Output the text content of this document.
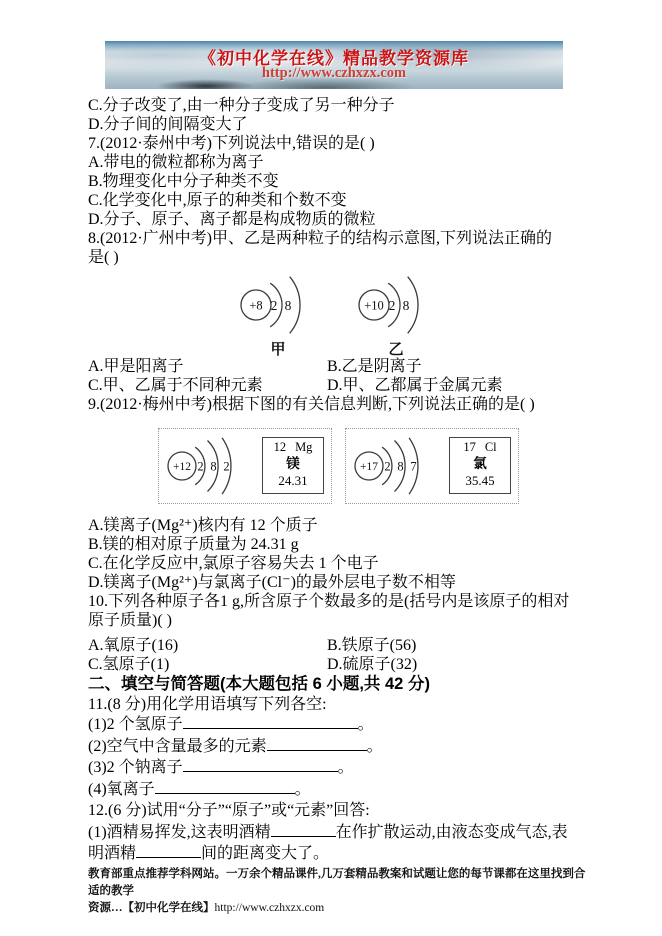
《初中化学在线》精品教学资源库
http://www.czhxzx.com
C.分子改变了,由一种分子变成了另一种分子
D.分子间的间隔变大了
7.(2012·泰州中考)下列说法中,错误的是( )
A.带电的微粒都称为离子
B.物理变化中分子种类不变
C.化学变化中,原子的种类和个数不变
D.分子、原子、离子都是构成物质的微粒
8.(2012·广州中考)甲、乙是两种粒子的结构示意图,下列说法正确的
是( )
+8 2 8
甲
+10 2 8
乙
A.甲是阳离子	B.乙是阴离子
C.甲、乙属于不同种元素	D.甲、乙都属于金属元素
9.(2012·梅州中考)根据下图的有关信息判断,下列说法正确的是( )
+12 2 8 2
12 Mg
镁
24.31
+17 2 8 7
17 Cl
氯
35.45
A.镁离子(Mg²⁺)核内有 12 个质子
B.镁的相对原子质量为 24.31 g
C.在化学反应中,氯原子容易失去 1 个电子
D.镁离子(Mg²⁺)与氯离子(Cl⁻)的最外层电子数不相等
10.下列各种原子各1 g,所含原子个数最多的是(括号内是该原子的相对
原子质量)( )
A.氧原子(16)	B.铁原子(56)
C.氢原子(1)	D.硫原子(32)
二、填空与简答题(本大题包括 6 小题,共 42 分)
11.(8 分)用化学用语填写下列各空:
(1)2 个氢原子	。
(2)空气中含量最多的元素	。
(3)2 个钠离子	。
(4)氧离子	。
12.(6 分)试用“分子”“原子”或“元素”回答:
(1)酒精易挥发,这表明酒精	在作扩散运动,由液态变成气态,表
明酒精	间的距离变大了。
教育部重点推荐学科网站。一万余个精品课件,几万套精品教案和试题让您的每节课都在这里找到合适的教学
资源…【初中化学在线】http://www.czhxzx.com
